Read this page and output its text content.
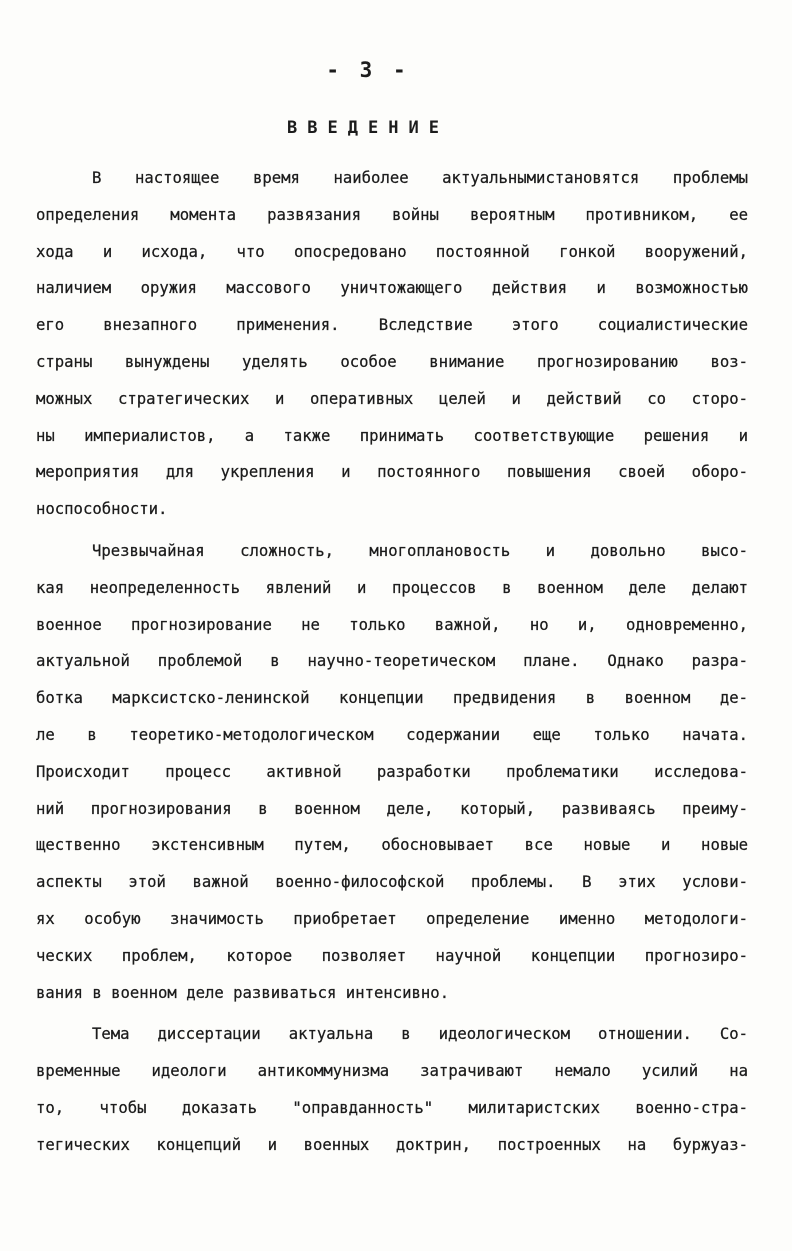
- 3 -
ВВЕДЕНИЕ
В настоящее время наиболее актуальнымистановятся проблемы
определения момента развязания войны вероятным противником, ее
хода и исхода, что опосредовано постоянной гонкой вооружений,
наличием оружия массового уничтожающего действия и возможностью
его внезапного применения. Вследствие этого социалистические
страны вынуждены уделять особое внимание прогнозированию воз-
можных стратегических и оперативных целей и действий со сторо-
ны империалистов, а также принимать соответствующие решения и
мероприятия для укрепления и постоянного повышения своей оборо-
носпособности.
Чрезвычайная сложность, многоплановость и довольно высо-
кая неопределенность явлений и процессов в военном деле делают
военное прогнозирование не только важной, но и, одновременно,
актуальной проблемой в научно-теоретическом плане. Однако разра-
ботка марксистско-ленинской концепции предвидения в военном де-
ле в теоретико-методологическом содержании еще только начата.
Происходит процесс активной разработки проблематики исследова-
ний прогнозирования в военном деле, который, развиваясь преиму-
щественно экстенсивным путем, обосновывает все новые и новые
аспекты этой важной военно-философской проблемы. В этих услови-
ях особую значимость приобретает определение именно методологи-
ческих проблем, которое позволяет научной концепции прогнозиро-
вания в военном деле развиваться интенсивно.
Тема диссертации актуальна в идеологическом отношении. Со-
временные идеологи антикоммунизма затрачивают немало усилий на
то, чтобы доказать "оправданность" милитаристских военно-стра-
тегических концепций и военных доктрин, построенных на буржуаз-
